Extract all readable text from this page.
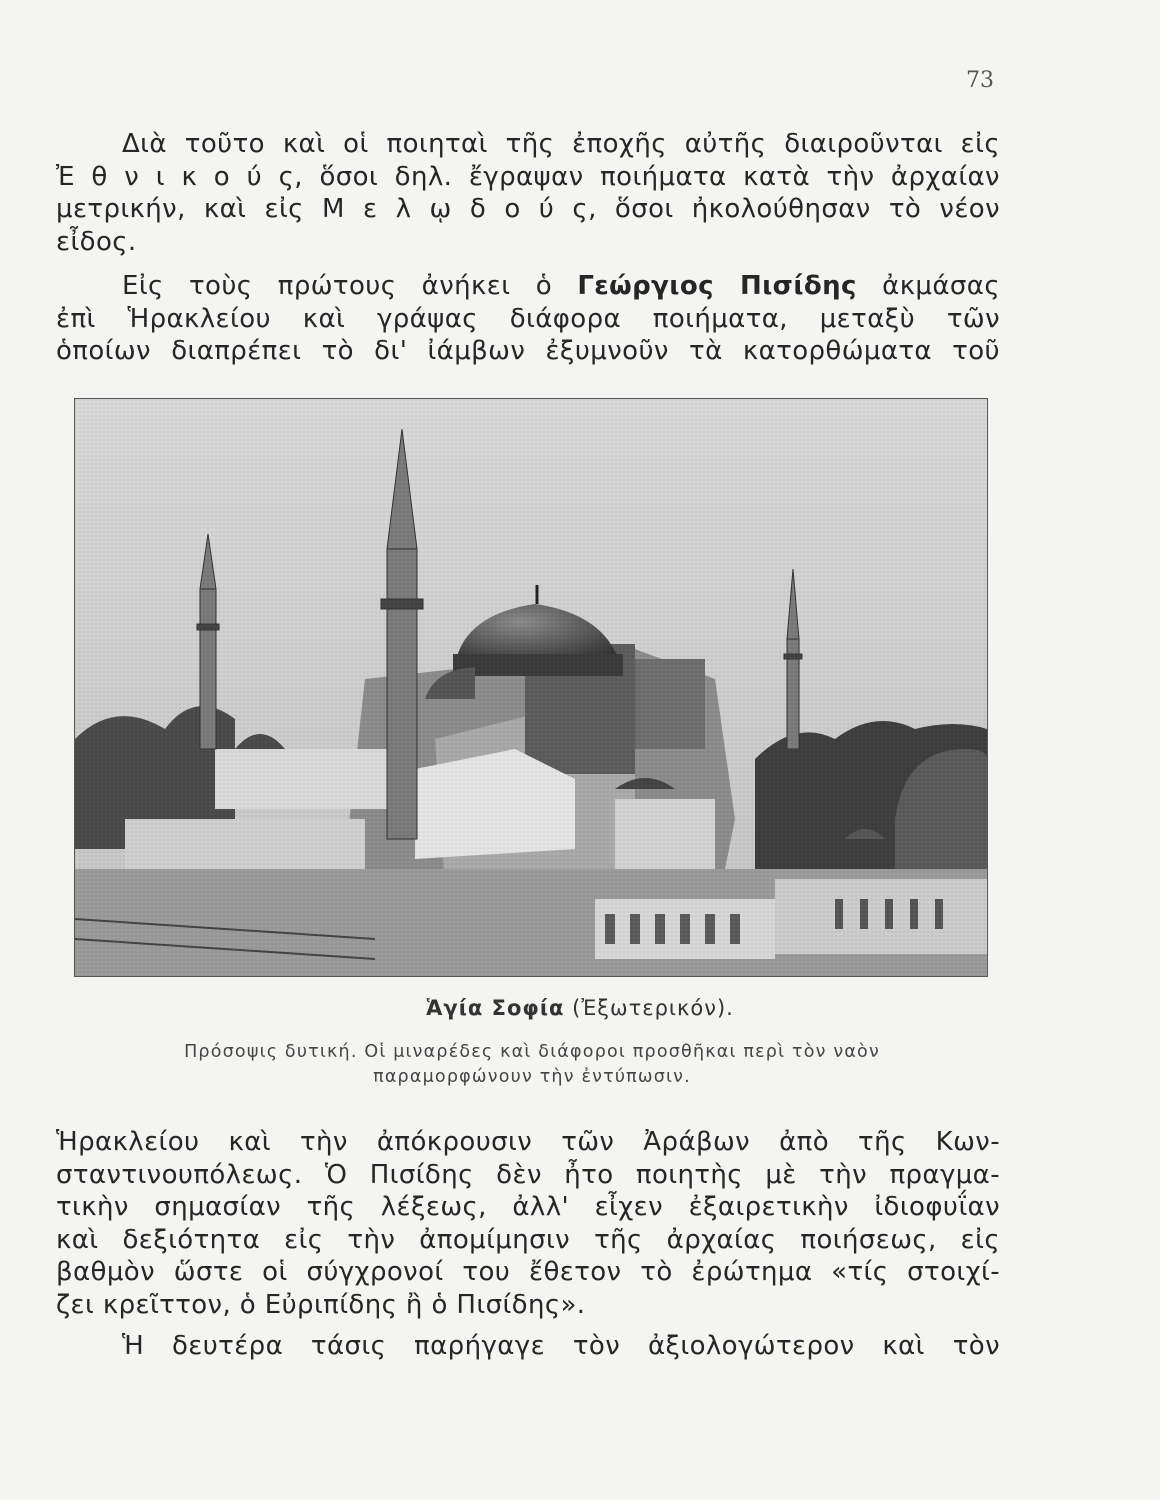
73
Διὰ τοῦτο καὶ οἱ ποιηταὶ τῆς ἐποχῆς αὐτῆς διαιροῦνται εἰς
Ἐ θ ν ι κ ο ύ ς, ὅσοι δηλ. ἔγραψαν ποιήματα κατὰ τὴν ἀρχαίαν
μετρικήν, καὶ εἰς Μ ε λ ῳ δ ο ύ ς, ὅσοι ἠκολούθησαν τὸ νέον
εἶδος.
Εἰς τοὺς πρώτους ἀνήκει ὁ Γεώργιος Πισίδης ἀκμάσας
ἐπὶ Ἡρακλείου καὶ γράψας διάφορα ποιήματα, μεταξὺ τῶν
ὁποίων διαπρέπει τὸ δι' ἰάμβων ἐξυμνοῦν τὰ κατορθώματα τοῦ
Ἁγία Σοφία (Ἐξωτερικόν).
Πρόσοψις δυτική. Οἱ μιναρέδες καὶ διάφοροι προσθῆκαι περὶ τὸν ναὸν
παραμορφώνουν τὴν ἐντύπωσιν.
Ἡρακλείου καὶ τὴν ἀπόκρουσιν τῶν Ἀράβων ἀπὸ τῆς Κων-
σταντινουπόλεως. Ὁ Πισίδης δὲν ἦτο ποιητὴς μὲ τὴν πραγμα-
τικὴν σημασίαν τῆς λέξεως, ἀλλ' εἶχεν ἐξαιρετικὴν ἰδιοφυΐαν
καὶ δεξιότητα εἰς τὴν ἀπομίμησιν τῆς ἀρχαίας ποιήσεως, εἰς
βαθμὸν ὥστε οἱ σύγχρονοί του ἔθετον τὸ ἐρώτημα «τίς στοιχί-
ζει κρεῖττον, ὁ Εὐριπίδης ἢ ὁ Πισίδης».
Ἡ δευτέρα τάσις παρήγαγε τὸν ἀξιολογώτερον καὶ τὸν
